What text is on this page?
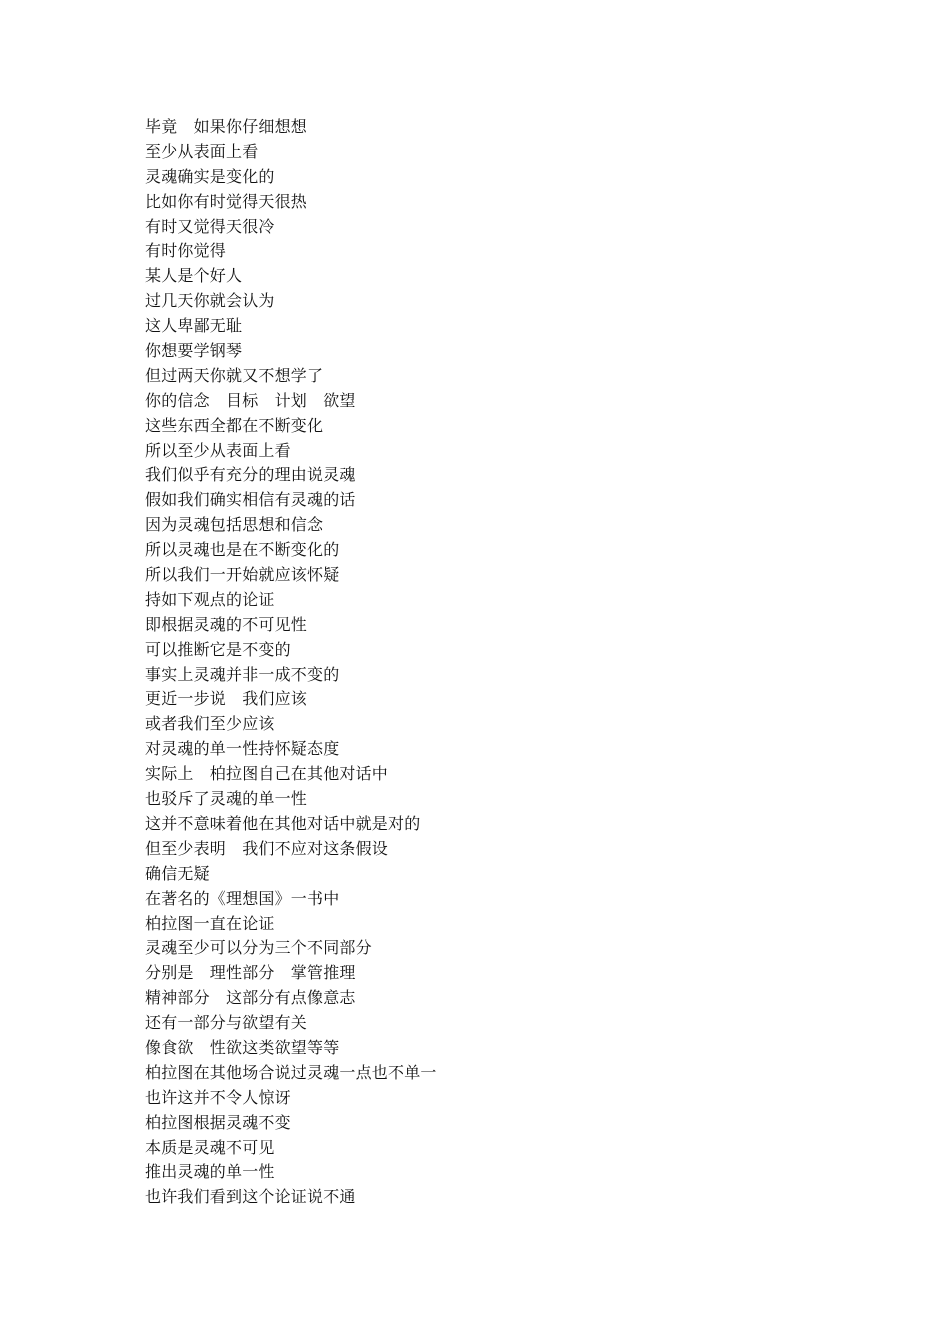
毕竟　如果你仔细想想
至少从表面上看
灵魂确实是变化的
比如你有时觉得天很热
有时又觉得天很冷
有时你觉得
某人是个好人
过几天你就会认为
这人卑鄙无耻
你想要学钢琴
但过两天你就又不想学了
你的信念　目标　计划　欲望
这些东西全都在不断变化
所以至少从表面上看
我们似乎有充分的理由说灵魂
假如我们确实相信有灵魂的话
因为灵魂包括思想和信念
所以灵魂也是在不断变化的
所以我们一开始就应该怀疑
持如下观点的论证
即根据灵魂的不可见性
可以推断它是不变的
事实上灵魂并非一成不变的
更近一步说　我们应该
或者我们至少应该
对灵魂的单一性持怀疑态度
实际上　柏拉图自己在其他对话中
也驳斥了灵魂的单一性
这并不意味着他在其他对话中就是对的
但至少表明　我们不应对这条假设
确信无疑
在著名的《理想国》一书中
柏拉图一直在论证
灵魂至少可以分为三个不同部分
分别是　理性部分　掌管推理
精神部分　这部分有点像意志
还有一部分与欲望有关
像食欲　性欲这类欲望等等
柏拉图在其他场合说过灵魂一点也不单一
也许这并不令人惊讶
柏拉图根据灵魂不变
本质是灵魂不可见
推出灵魂的单一性
也许我们看到这个论证说不通
